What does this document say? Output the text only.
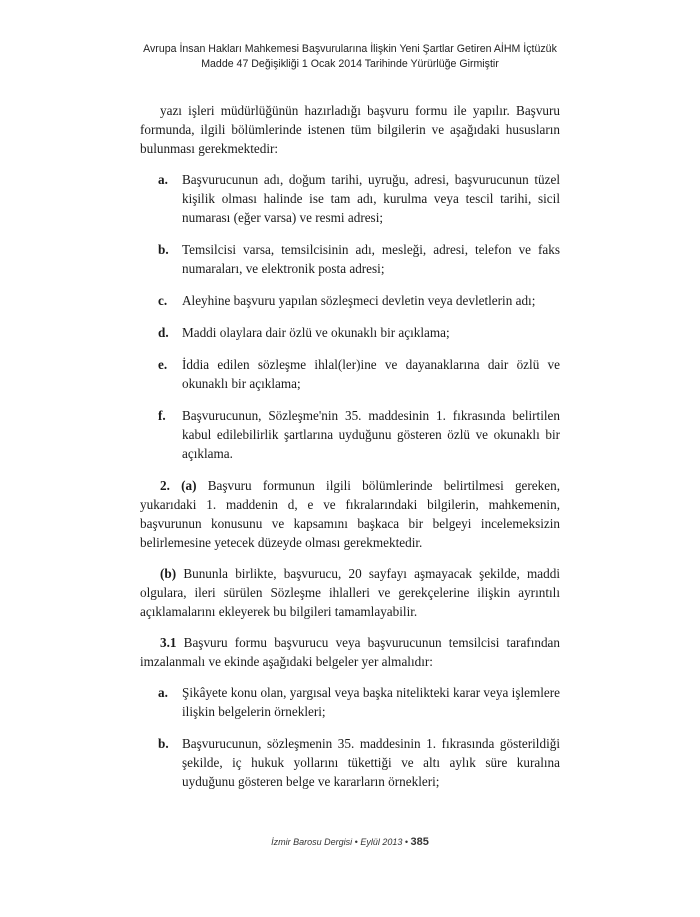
Avrupa İnsan Hakları Mahkemesi Başvurularına İlişkin Yeni Şartlar Getiren AİHM İçtüzük
Madde 47 Değişikliği 1 Ocak 2014 Tarihinde Yürürlüğe Girmiştir

yazı işleri müdürlüğünün hazırladığı başvuru formu ile yapılır. Başvuru formunda, ilgili bölümlerinde istenen tüm bilgilerin ve aşağıdaki hususların bulunması gerekmektedir:

a.	Başvurucunun adı, doğum tarihi, uyruğu, adresi, başvurucunun tüzel kişilik olması halinde ise tam adı, kurulma veya tescil tarihi, sicil numarası (eğer varsa) ve resmi adresi;
b.	Temsilcisi varsa, temsilcisinin adı, mesleği, adresi, telefon ve faks numaraları, ve elektronik posta adresi;
c.	Aleyhine başvuru yapılan sözleşmeci devletin veya devletlerin adı;
d.	Maddi olaylara dair özlü ve okunaklı bir açıklama;
e.	İddia edilen sözleşme ihlal(ler)ine ve dayanaklarına dair özlü ve okunaklı bir açıklama;
f.	Başvurucunun, Sözleşme'nin 35. maddesinin 1. fıkrasında belirtilen kabul edilebilirlik şartlarına uyduğunu gösteren özlü ve okunaklı bir açıklama.

2. (a) Başvuru formunun ilgili bölümlerinde belirtilmesi gereken, yukarıdaki 1. maddenin d, e ve fıkralarındaki bilgilerin, mahkemenin, başvurunun konusunu ve kapsamını başkaca bir belgeyi incelemeksizin belirlemesine yetecek düzeyde olması gerekmektedir.

(b) Bununla birlikte, başvurucu, 20 sayfayı aşmayacak şekilde, maddi olgulara, ileri sürülen Sözleşme ihlalleri ve gerekçelerine ilişkin ayrıntılı açıklamalarını ekleyerek bu bilgileri tamamlayabilir.

3.1 Başvuru formu başvurucu veya başvurucunun temsilcisi tarafından imzalanmalı ve ekinde aşağıdaki belgeler yer almalıdır:

a.	Şikâyete konu olan, yargısal veya başka nitelikteki karar veya işlemlere ilişkin belgelerin örnekleri;
b.	Başvurucunun, sözleşmenin 35. maddesinin 1. fıkrasında gösterildiği şekilde, iç hukuk yollarını tükettiği ve altı aylık süre kuralına uyduğunu gösteren belge ve kararların örnekleri;
İzmir Barosu Dergisi • Eylül 2013 • 385
